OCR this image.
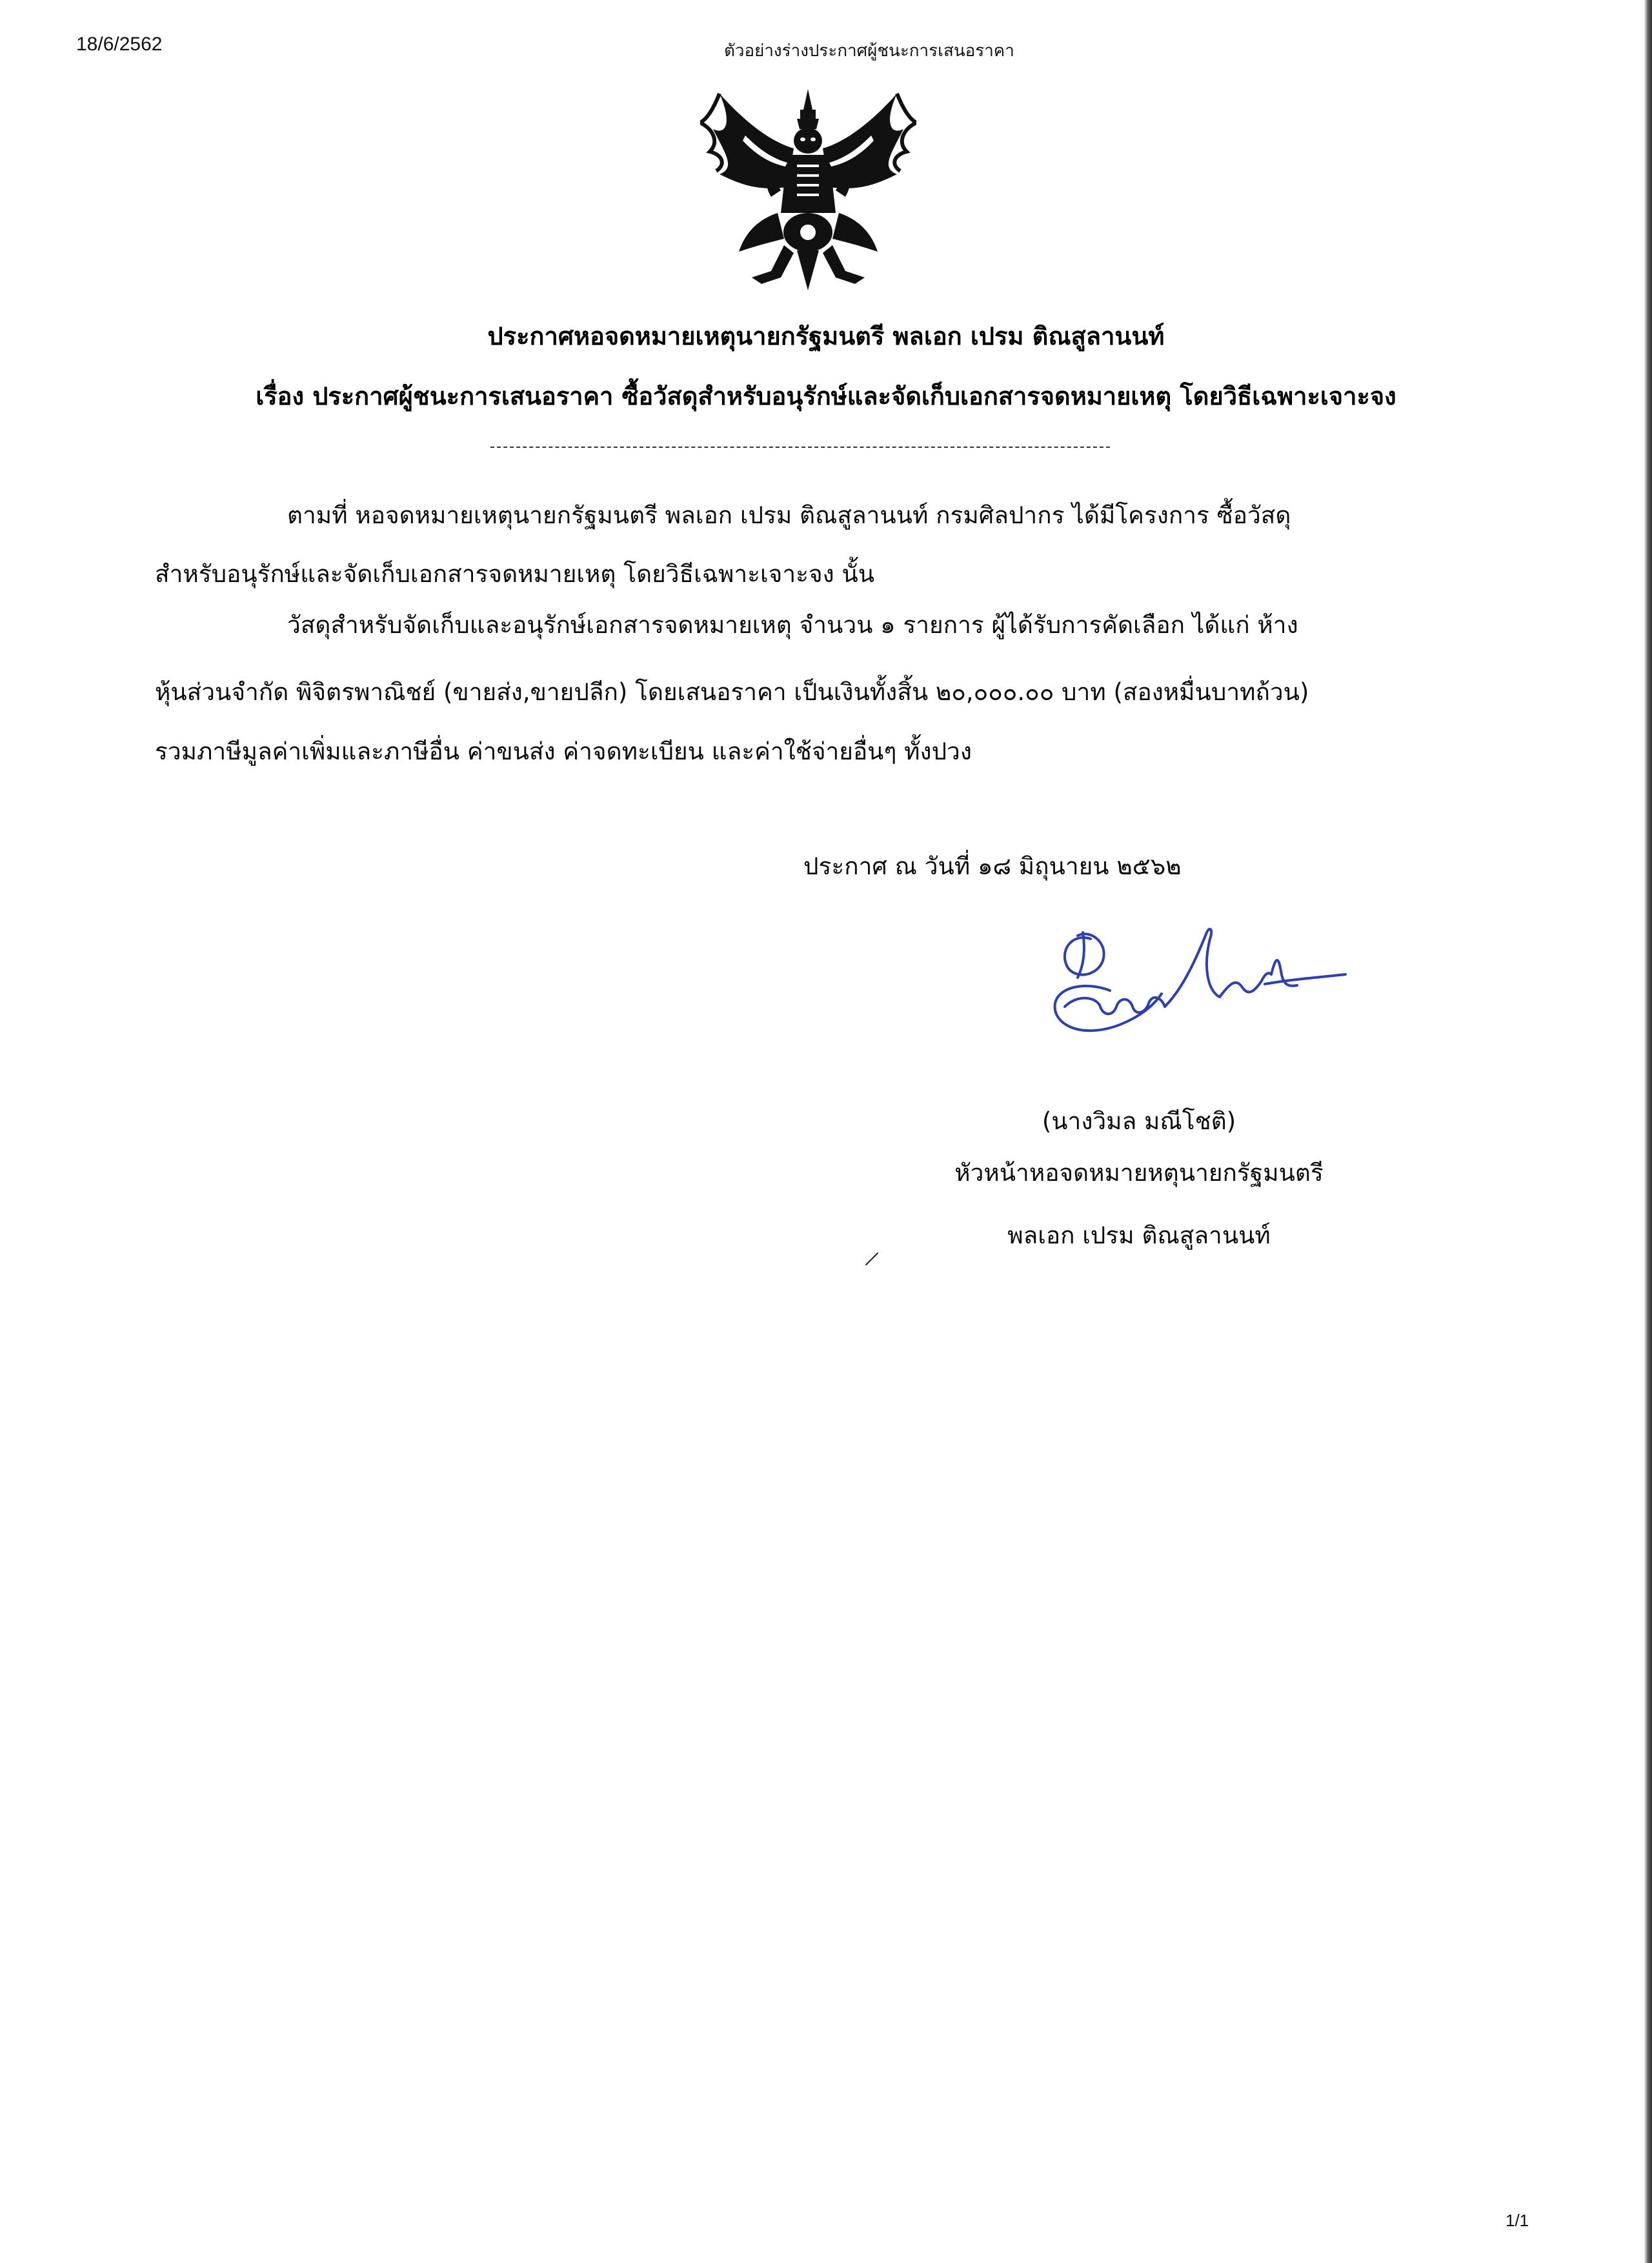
18/6/2562	ตัวอย่างร่างประกาศผู้ชนะการเสนอราคา
ประกาศหอจดหมายเหตุนายกรัฐมนตรี พลเอก เปรม ติณสูลานนท์
เรื่อง ประกาศผู้ชนะการเสนอราคา ซื้อวัสดุสำหรับอนุรักษ์และจัดเก็บเอกสารจดหมายเหตุ โดยวิธีเฉพาะเจาะจง
ตามที่ หอจดหมายเหตุนายกรัฐมนตรี พลเอก เปรม ติณสูลานนท์ กรมศิลปากร ได้มีโครงการ ซื้อวัสดุ
สำหรับอนุรักษ์และจัดเก็บเอกสารจดหมายเหตุ โดยวิธีเฉพาะเจาะจง นั้น
วัสดุสำหรับจัดเก็บและอนุรักษ์เอกสารจดหมายเหตุ จำนวน ๑ รายการ ผู้ได้รับการคัดเลือก ได้แก่ ห้าง
หุ้นส่วนจำกัด พิจิตรพาณิชย์ (ขายส่ง,ขายปลีก) โดยเสนอราคา เป็นเงินทั้งสิ้น ๒๐,๐๐๐.๐๐ บาท (สองหมื่นบาทถ้วน)
รวมภาษีมูลค่าเพิ่มและภาษีอื่น ค่าขนส่ง ค่าจดทะเบียน และค่าใช้จ่ายอื่นๆ ทั้งปวง
ประกาศ ณ วันที่ ๑๘ มิถุนายน ๒๕๖๒
(นางวิมล มณีโชติ)
หัวหน้าหอจดหมายหตุนายกรัฐมนตรี
พลเอก เปรม ติณสูลานนท์
1/1
